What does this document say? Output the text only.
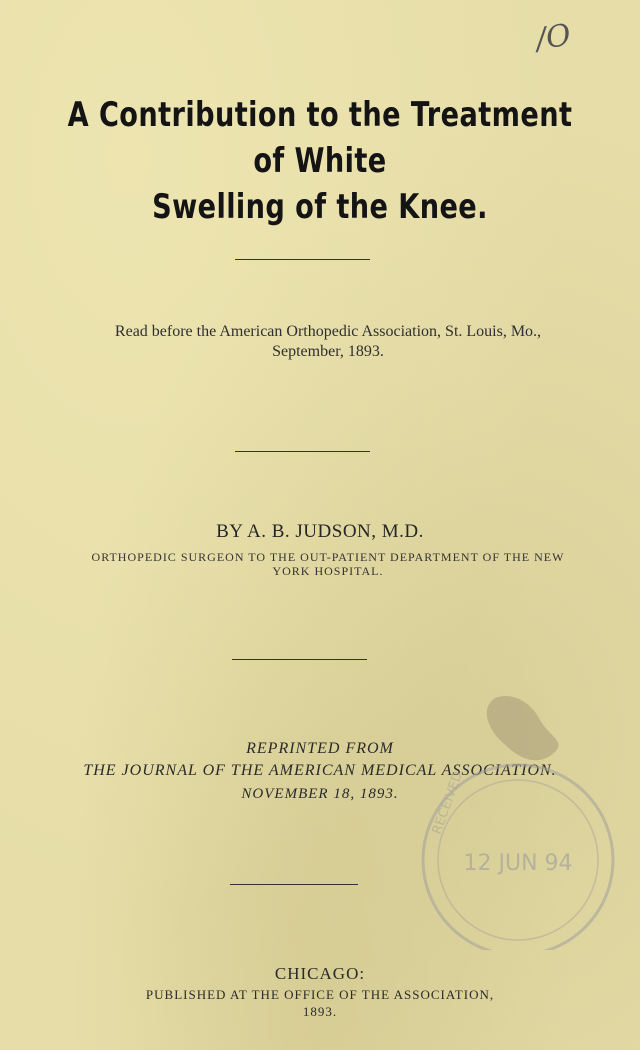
/O
A Contribution to the Treatment of White
Swelling of the Knee.

Read before the American Orthopedic Association, St. Louis, Mo.,
September, 1893.

BY A. B. JUDSON, M.D.

ORTHOPEDIC SURGEON TO THE OUT-PATIENT DEPARTMENT OF THE NEW
YORK HOSPITAL.

REPRINTED FROM

THE JOURNAL OF THE AMERICAN MEDICAL ASSOCIATION.

NOVEMBER 18, 1893.

12 JUN 94
RECEIVED

CHICAGO:

PUBLISHED AT THE OFFICE OF THE ASSOCIATION,
1893.
